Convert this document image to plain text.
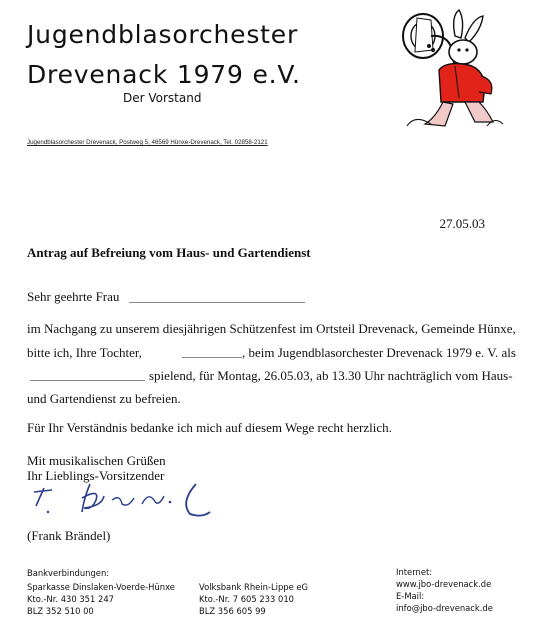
Jugendblasorchester
Drevenack 1979 e.V.
Der Vorstand
Jugendblasorchester Drevenack, Postweg 5, 46569 Hünxe-Drevenack, Tel. 02858-2121
27.05.03
Antrag auf Befreiung vom Haus- und Gartendienst
Sehr geehrte Frau
im Nachgang zu unserem diesjährigen Schützenfest im Ortsteil Drevenack, Gemeinde Hünxe,
bitte ich, Ihre Tochter,	, beim Jugendblasorchester Drevenack 1979 e. V. als
spielend, für Montag, 26.05.03, ab 13.30 Uhr nachträglich vom Haus-
und Gartendienst zu befreien.
Für Ihr Verständnis bedanke ich mich auf diesem Wege recht herzlich.
Mit musikalischen Grüßen
Ihr Lieblings-Vorsitzender
(Frank Brändel)
Bankverbindungen:
Sparkasse Dinslaken-Voerde-Hünxe
Kto.-Nr. 430 351 247
BLZ 352 510 00
Volksbank Rhein-Lippe eG
Kto.-Nr. 7 605 233 010
BLZ 356 605 99
Internet:
www.jbo-drevenack.de
E-Mail:
info@jbo-drevenack.de
